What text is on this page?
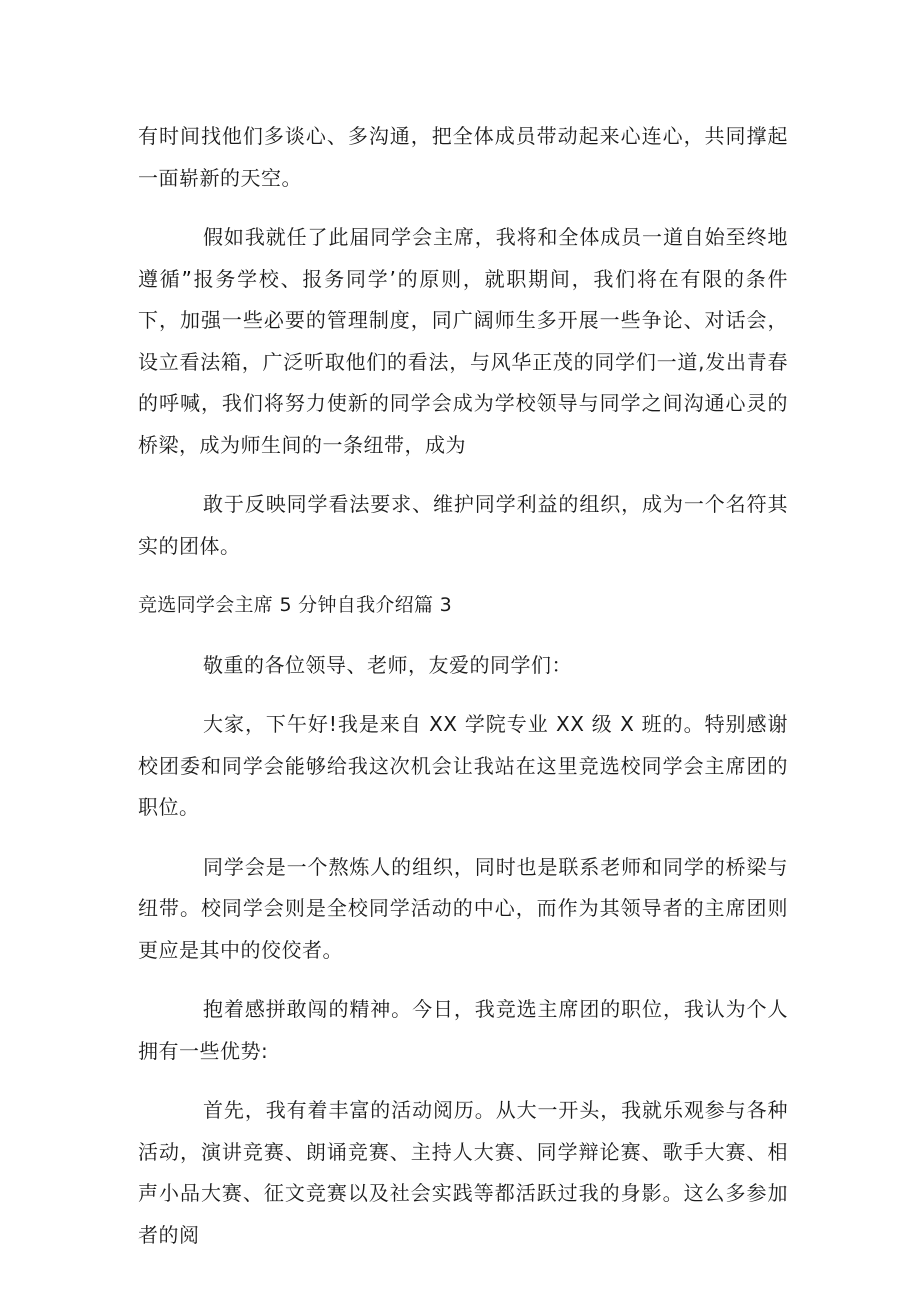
有时间找他们多谈心、多沟通，把全体成员带动起来心连心，共同撑起一面崭新的天空。

假如我就任了此届同学会主席，我将和全体成员一道自始至终地遵循”报务学校、报务同学’的原则，就职期间，我们将在有限的条件下，加强一些必要的管理制度，同广阔师生多开展一些争论、对话会，设立看法箱，广泛听取他们的看法，与风华正茂的同学们一道,发出青春的呼喊，我们将努力使新的同学会成为学校领导与同学之间沟通心灵的桥梁，成为师生间的一条纽带，成为

敢于反映同学看法要求、维护同学利益的组织，成为一个名符其实的团体。

竞选同学会主席 5 分钟自我介绍篇 3

敬重的各位领导、老师，友爱的同学们：

大家，下午好!我是来自 XX 学院专业 XX 级 X 班的。特别感谢校团委和同学会能够给我这次机会让我站在这里竞选校同学会主席团的职位。

同学会是一个熬炼人的组织，同时也是联系老师和同学的桥梁与纽带。校同学会则是全校同学活动的中心，而作为其领导者的主席团则更应是其中的佼佼者。

抱着感拼敢闯的精神。今日，我竞选主席团的职位，我认为个人拥有一些优势:

首先，我有着丰富的活动阅历。从大一开头，我就乐观参与各种活动，演讲竞赛、朗诵竞赛、主持人大赛、同学辩论赛、歌手大赛、相声小品大赛、征文竞赛以及社会实践等都活跃过我的身影。这么多参加者的阅
